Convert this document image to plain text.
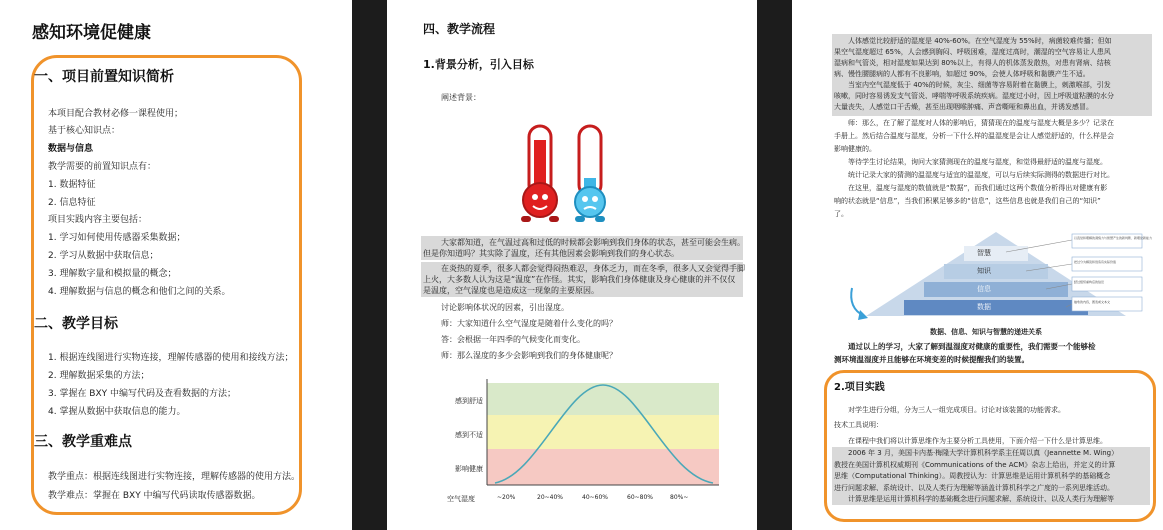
感知环境促健康
一、项目前置知识简析
本项目配合教材必修一课程使用；
基于核心知识点：
数据与信息
教学需要的前置知识点有：
1. 数据特征
2. 信息特征
项目实践内容主要包括：
1. 学习如何使用传感器采集数据；
2. 学习从数据中获取信息；
3. 理解数字量和模拟量的概念；
4. 理解数据与信息的概念和他们之间的关系。
二、教学目标
1. 根据连线图进行实物连接，理解传感器的使用和接线方法；
2. 理解数据采集的方法；
3. 掌握在 BXY 中编写代码及查看数据的方法；
4. 掌握从数据中获取信息的能力。
三、教学重难点
教学重点：根据连线图进行实物连接，理解传感器的使用方法。
教学难点：掌握在 BXY 中编写代码读取传感器数据。
四、教学流程
1.背景分析，引入目标
阐述背景：
大家都知道，在气温过高和过低的时候都会影响到我们身体的状态，甚至可能会生病。
但是你知道吗？其实除了温度，还有其他因素会影响到我们的身心状态。
在炎热的夏季，很多人都会觉得闷热难忍，身体乏力，而在冬季，很多人又会觉得手脚
上火，大多数人认为这是“温度”在作怪。其实，影响我们身体健康及身心健康的并不仅仅
是温度，空气湿度也是造成这一现象的主要原因。
讨论影响体状况的因素，引出湿度。
师：大家知道什么空气湿度是随着什么变化的吗？
答：会根据一年四季的气候变化而变化。
师：那么湿度的多少会影响到我们的身体健康呢？
感到舒适
感到不适
影响健康
空气湿度	~20%	20~40%	40~60%	60~80%	80%~
人体感觉比较舒适的湿度是 40%-60%。在空气湿度为 55%时，病菌较难传播；但如
果空气湿度超过 65%，人会感到胸闷、呼吸困难，湿度过高时，潮湿的空气容易让人患风
湿病和气管炎，相对湿度如果达到 80%以上，有得人的机体蒸发散热，对患有肾病、结核
病、慢性腰腿病的人都有不良影响，如超过 90%，会使人体呼吸和黏膜产生不适。
当室内空气湿度低于 40%的时候，灰尘、细菌等容易附着在黏膜上，刺激喉部，引发
咳嗽，同时容易诱发支气管炎、哮喘等呼吸系统疾病。湿度过小时，因上呼吸道粘膜的水分
大量丧失，人感觉口干舌燥，甚至出现咽喉肿痛、声音嘶哑和鼻出血，并诱发感冒。
师：那么，在了解了湿度对人体的影响后，猜猜现在的温度与湿度大概是多少？记录在
手册上。然后结合温度与湿度，分析一下什么样的温湿度是会让人感觉舒适的，什么样是会
影响健康的。
等待学生讨论结果，询问大家猜测现在的温度与湿度，和觉得最舒适的温度与湿度。
统计记录大家的猜测的温湿度与适宜的温湿度，可以与后续实际测得的数据进行对比。
在这里，温度与湿度的数值就是“数据”，而我们通过这两个数值分析得出对健康有影
响的状态就是“信息”，当我们积累足够多的“信息”，这些信息也就是我们自己的“知识”
了。
智慧
知识
信息
数据
以直觉和理解的洞察力与智慧产生的新判断、新理论新能力
把过分为解读和创造有实际价值
经过组织重构后的信息
抽象的内容，图表或文本文
数据、信息、知识与智慧的递进关系
通过以上的学习，大家了解到温湿度对健康的重要性，我们需要一个能够检
测环境温湿度并且能够在环境变差的时候提醒我们的装置。
2.项目实践
对学生进行分组，分为三人一组完成项目。讨论对该装置的功能需求。
技术工具说明：
在课程中我们将以计算思维作为主要分析工具使用，下面介绍一下什么是计算思维。
2006 年 3 月，美国卡内基·梅隆大学计算机科学系主任周以真（Jeannette M. Wing）
教授在美国计算机权威期刊《Communications of the ACM》杂志上给出，并定义的计算
思维（Computational Thinking）。周教授认为：计算思维是运用计算机科学的基础概念
进行问题求解、系统设计、以及人类行为理解等涵盖计算机科学之广度的一系列思维活动。
计算思维是运用计算机科学的基础概念进行问题求解、系统设计、以及人类行为理解等
